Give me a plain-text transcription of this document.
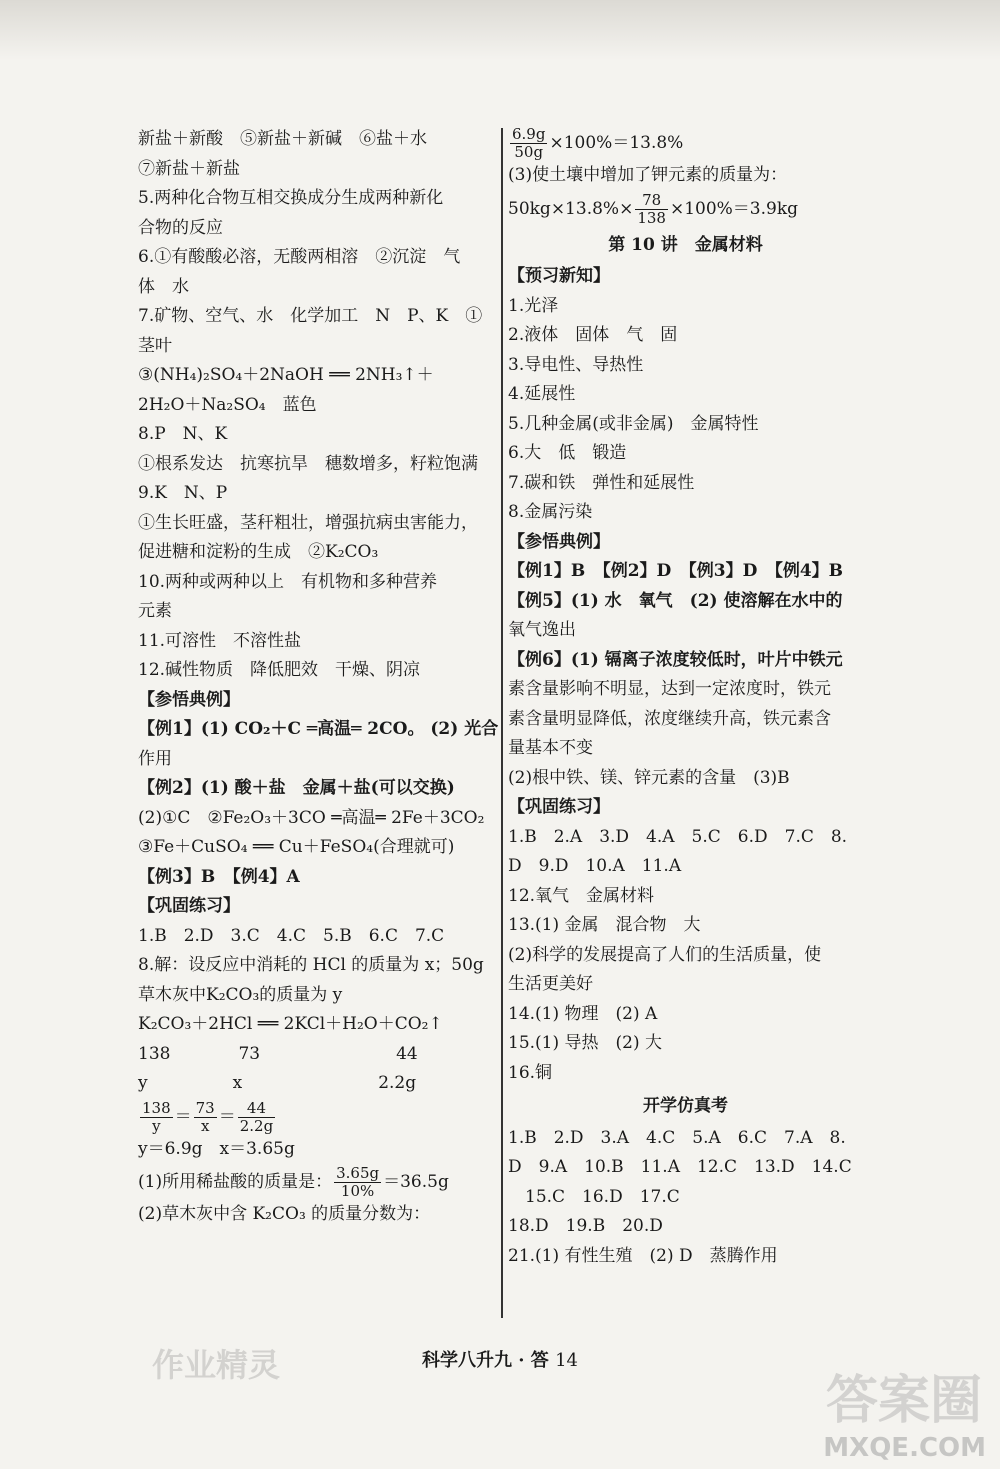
新盐＋新酸　⑤新盐＋新碱　⑥盐＋水
⑦新盐＋新盐
5.两种化合物互相交换成分生成两种新化
合物的反应
6.①有酸酸必溶，无酸两相溶　②沉淀　气
体　水
7.矿物、空气、水　化学加工　N　P、K　①
茎叶
③(NH₄)₂SO₄＋2NaOH ══ 2NH₃↑＋
2H₂O＋Na₂SO₄　蓝色
8.P　N、K
①根系发达　抗寒抗旱　穗数增多，籽粒饱满
9.K　N、P
①生长旺盛，茎秆粗壮，增强抗病虫害能力，
促进糖和淀粉的生成　②K₂CO₃
10.两种或两种以上　有机物和多种营养
元素
11.可溶性　不溶性盐
12.碱性物质　降低肥效　干燥、阴凉
【参悟典例】
【例1】(1) CO₂＋C ═高温═ 2CO。 (2) 光合
作用
【例2】(1) 酸＋盐　金属＋盐(可以交换)
(2)①C　②Fe₂O₃＋3CO ═高温═ 2Fe＋3CO₂
③Fe＋CuSO₄ ══ Cu＋FeSO₄(合理就可)
【例3】B　【例4】A
【巩固练习】
1.B　2.D　3.C　4.C　5.B　6.C　7.C
8.解：设反应中消耗的 HCl 的质量为 x；50g
草木灰中K₂CO₃的质量为 y
K₂CO₃＋2HCl ══ 2KCl＋H₂O＋CO₂↑
138　　　　73　　　　　　　　44
y　　　　　x　　　　　　　　2.2g
$\frac{138}{y} = \frac{73}{x} = \frac{44}{2.2g}$
y＝6.9g　x＝3.65g
(1)所用稀盐酸的质量是： $\frac{3.65g}{10\%} =36.5g$
(2)草木灰中含 K₂CO₃ 的质量分数为：
$\frac{6.9g}{50g} \times 100\%=13.8\%$
(3)使土壤中增加了钾元素的质量为：
$50kg\times 13.8\%\times \frac{78}{138} \times 100\%=3.9kg$
第 10 讲　金属材料
【预习新知】
1.光泽
2.液体　固体　气　固
3.导电性、导热性
4.延展性
5.几种金属(或非金属)　金属特性
6.大　低　锻造
7.碳和铁　弹性和延展性
8.金属污染
【参悟典例】
【例1】B　【例2】D　【例3】D　【例4】B
【例5】(1) 水　氧气　(2) 使溶解在水中的
氧气逸出
【例6】(1) 镉离子浓度较低时，叶片中铁元
素含量影响不明显，达到一定浓度时，铁元
素含量明显降低，浓度继续升高，铁元素含
量基本不变
(2)根中铁、镁、锌元素的含量　(3)B
【巩固练习】
1.B　2.A　3.D　4.A　5.C　6.D　7.C　8.
D　9.D　10.A　11.A
12.氧气　金属材料
13.(1) 金属　混合物　大
(2)科学的发展提高了人们的生活质量，使
生活更美好
14.(1) 物理　(2) A
15.(1) 导热　(2) 大
16.铜
开学仿真考
1.B　2.D　3.A　4.C　5.A　6.C　7.A　8.
D　9.A　10.B　11.A　12.C　13.D　14.C
　15.C　16.D　17.C
18.D　19.B　20.D
21.(1) 有性生殖　(2) D　蒸腾作用
科学八升九 · 答 14
作业精灵
答案圈
MXQE.COM
